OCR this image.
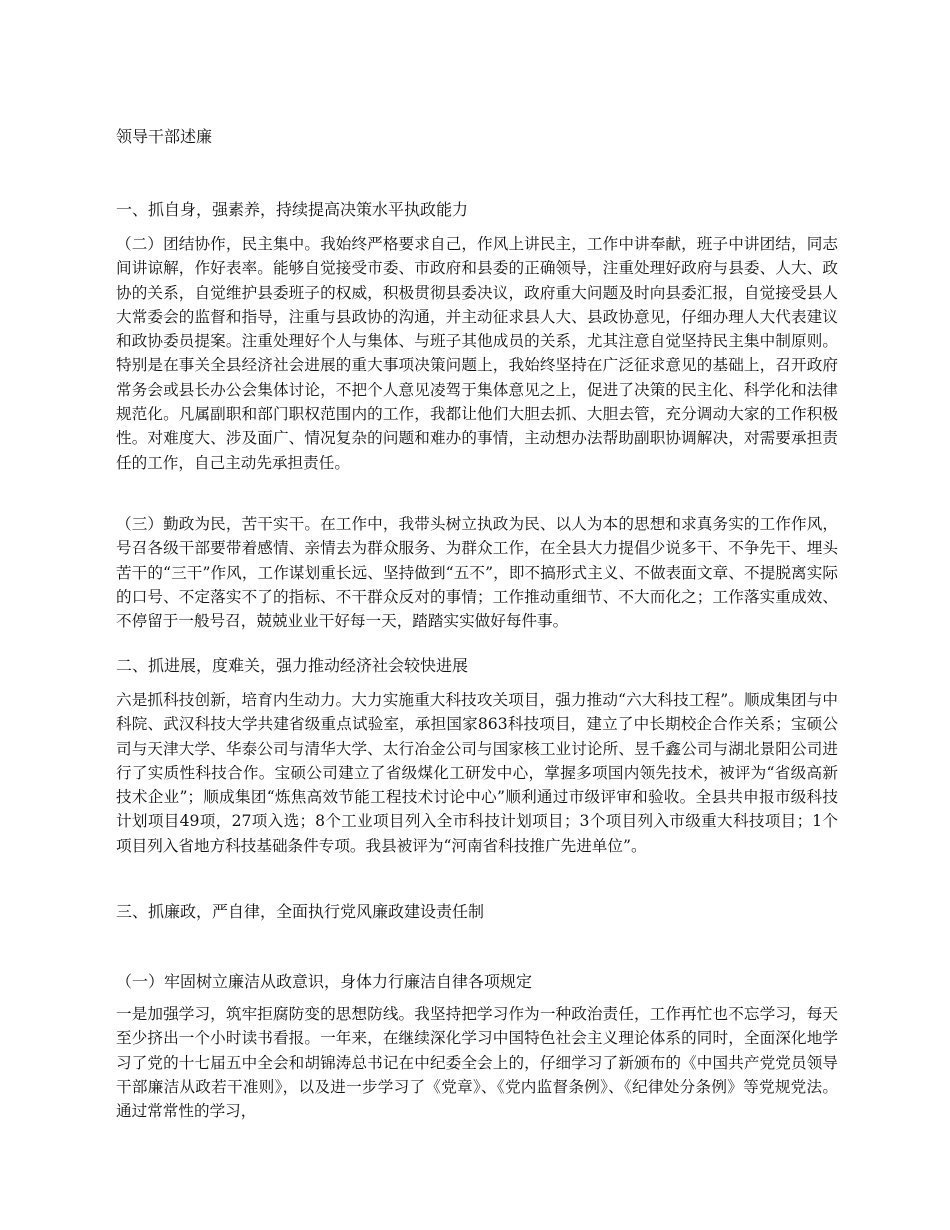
领导干部述廉
一、抓自身，强素养，持续提高决策水平执政能力

（二）团结协作，民主集中。我始终严格要求自己，作风上讲民主，工作中讲奉献，班子中讲团结，同志间讲谅解，作好表率。能够自觉接受市委、市政府和县委的正确领导，注重处理好政府与县委、人大、政协的关系，自觉维护县委班子的权威，积极贯彻县委决议，政府重大问题及时向县委汇报，自觉接受县人大常委会的监督和指导，注重与县政协的沟通，并主动征求县人大、县政协意见，仔细办理人大代表建议和政协委员提案。注重处理好个人与集体、与班子其他成员的关系，尤其注意自觉坚持民主集中制原则。特别是在事关全县经济社会进展的重大事项决策问题上，我始终坚持在广泛征求意见的基础上，召开政府常务会或县长办公会集体讨论，不把个人意见凌驾于集体意见之上，促进了决策的民主化、科学化和法律规范化。凡属副职和部门职权范围内的工作，我都让他们大胆去抓、大胆去管，充分调动大家的工作积极性。对难度大、涉及面广、情况复杂的问题和难办的事情，主动想办法帮助副职协调解决，对需要承担责任的工作，自己主动先承担责任。

（三）勤政为民，苦干实干。在工作中，我带头树立执政为民、以人为本的思想和求真务实的工作作风，号召各级干部要带着感情、亲情去为群众服务、为群众工作，在全县大力提倡少说多干、不争先干、埋头苦干的“三干”作风，工作谋划重长远、坚持做到“五不”，即不搞形式主义、不做表面文章、不提脱离实际的口号、不定落实不了的指标、不干群众反对的事情；工作推动重细节、不大而化之；工作落实重成效、不停留于一般号召，兢兢业业干好每一天，踏踏实实做好每件事。

二、抓进展，度难关，强力推动经济社会较快进展

六是抓科技创新，培育内生动力。大力实施重大科技攻关项目，强力推动“六大科技工程”。顺成集团与中科院、武汉科技大学共建省级重点试验室，承担国家863科技项目，建立了中长期校企合作关系；宝硕公司与天津大学、华泰公司与清华大学、太行冶金公司与国家核工业讨论所、昱千鑫公司与湖北景阳公司进行了实质性科技合作。宝硕公司建立了省级煤化工研发中心，掌握多项国内领先技术，被评为“省级高新技术企业”；顺成集团“炼焦高效节能工程技术讨论中心”顺利通过市级评审和验收。全县共申报市级科技计划项目49项，27项入选；8个工业项目列入全市科技计划项目；3个项目列入市级重大科技项目；1个项目列入省地方科技基础条件专项。我县被评为“河南省科技推广先进单位”。

三、抓廉政，严自律，全面执行党风廉政建设责任制
（一）牢固树立廉洁从政意识，身体力行廉洁自律各项规定

一是加强学习，筑牢拒腐防变的思想防线。我坚持把学习作为一种政治责任，工作再忙也不忘学习，每天至少挤出一个小时读书看报。一年来，在继续深化学习中国特色社会主义理论体系的同时，全面深化地学习了党的十七届五中全会和胡锦涛总书记在中纪委全会上的，仔细学习了新颁布的《中国共产党党员领导干部廉洁从政若干准则》，以及进一步学习了《党章》、《党内监督条例》、《纪律处分条例》等党规党法。通过常常性的学习，
